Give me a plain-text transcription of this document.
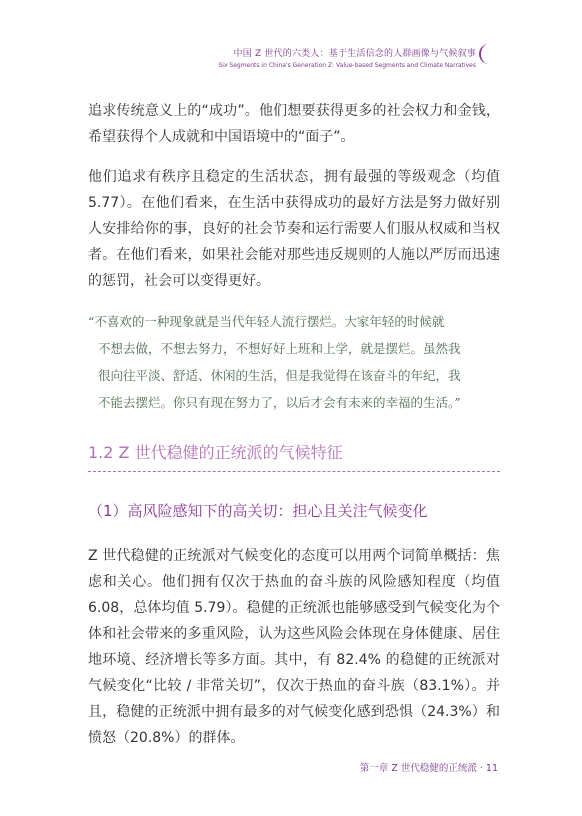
中国 Z 世代的六类人：基于生活信念的人群画像与气候叙事
Six Segments in China's Generation Z: Value-based Segments and Climate Narratives

追求传统意义上的“成功”。他们想要获得更多的社会权力和金钱，希望获得个人成就和中国语境中的“面子”。

他们追求有秩序且稳定的生活状态，拥有最强的等级观念（均值 5.77）。在他们看来，在生活中获得成功的最好方法是努力做好别人安排给你的事，良好的社会节奏和运行需要人们服从权威和当权者。在他们看来，如果社会能对那些违反规则的人施以严厉而迅速的惩罚，社会可以变得更好。

“不喜欢的一种现象就是当代年轻人流行摆烂。大家年轻的时候就
不想去做，不想去努力，不想好好上班和上学，就是摆烂。虽然我
很向往平淡、舒适、休闲的生活，但是我觉得在该奋斗的年纪，我
不能去摆烂。你只有现在努力了，以后才会有未来的幸福的生活。”
1.2 Z 世代稳健的正统派的气候特征
（1）高风险感知下的高关切：担心且关注气候变化

Z 世代稳健的正统派对气候变化的态度可以用两个词简单概括：焦虑和关心。他们拥有仅次于热血的奋斗族的风险感知程度（均值 6.08，总体均值 5.79）。稳健的正统派也能够感受到气候变化为个体和社会带来的多重风险，认为这些风险会体现在身体健康、居住地环境、经济增长等多方面。其中，有 82.4% 的稳健的正统派对气候变化“比较 / 非常关切”，仅次于热血的奋斗族（83.1%）。并且，稳健的正统派中拥有最多的对气候变化感到恐惧（24.3%）和愤怒（20.8%）的群体。

第一章 Z 世代稳健的正统派 · 11
